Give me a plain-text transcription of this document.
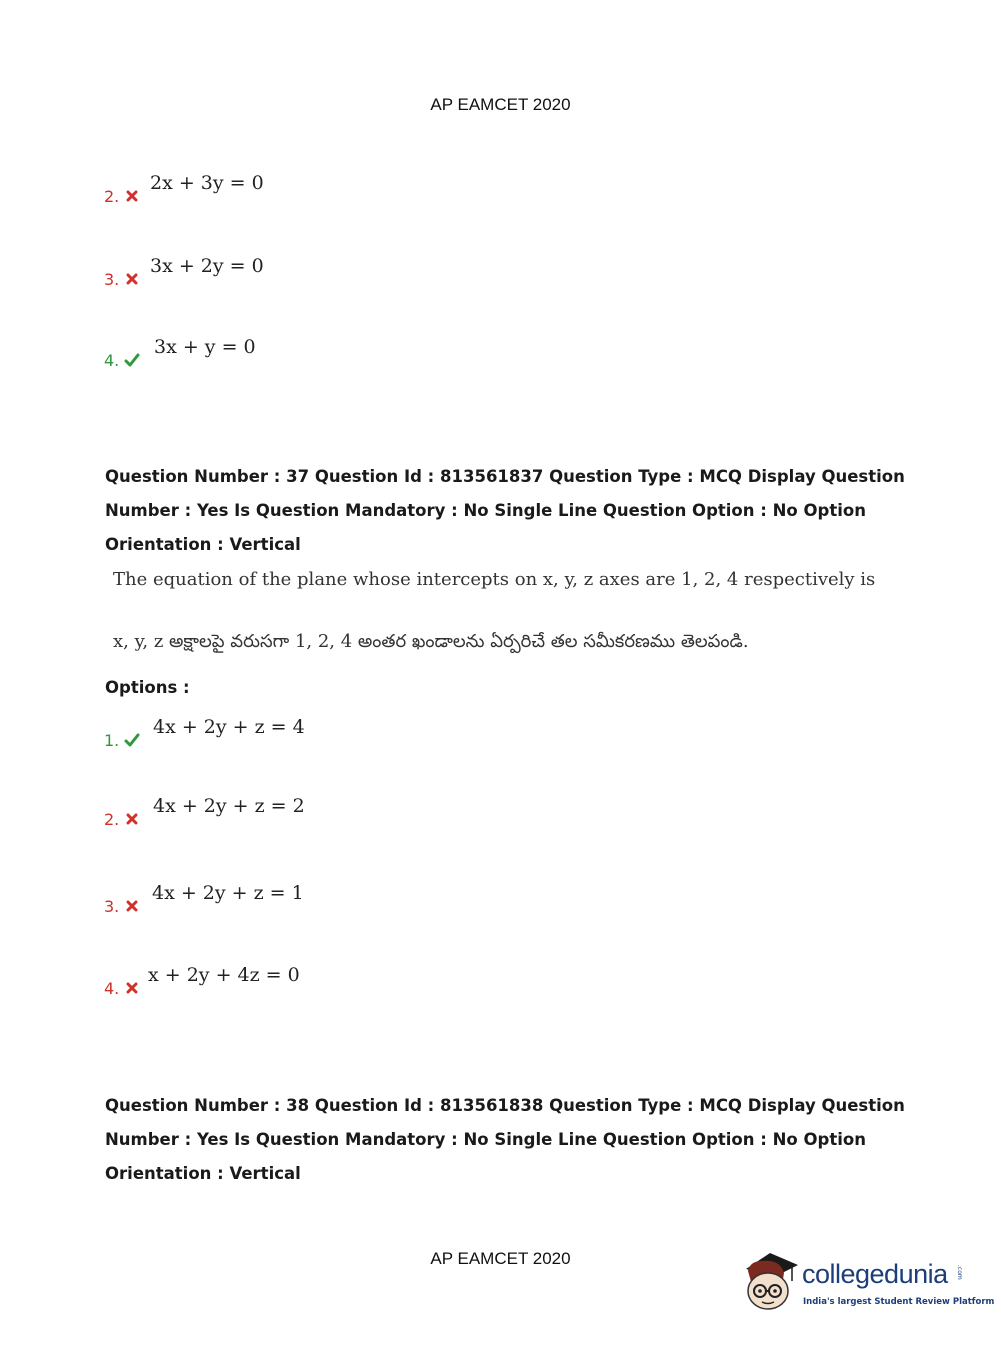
AP EAMCET 2020
2.
2x + 3y = 0
3.
3x + 2y = 0
4.
3x + y = 0
Question Number : 37 Question Id : 813561837 Question Type : MCQ Display Question
Number : Yes Is Question Mandatory : No Single Line Question Option : No Option
Orientation : Vertical
The equation of the plane whose intercepts on x, y, z axes are 1, 2, 4 respectively is
x, y, z అక్షాలపై వరుసగా 1, 2, 4 అంతర ఖండాలను ఏర్పరిచే తల సమీకరణము తెలపండి.
Options :
1.
4x + 2y + z = 4
2.
4x + 2y + z = 2
3.
4x + 2y + z = 1
4.
x + 2y + 4z = 0
Question Number : 38 Question Id : 813561838 Question Type : MCQ Display Question
Number : Yes Is Question Mandatory : No Single Line Question Option : No Option
Orientation : Vertical
AP EAMCET 2020
collegedunia .com
India's largest Student Review Platform
